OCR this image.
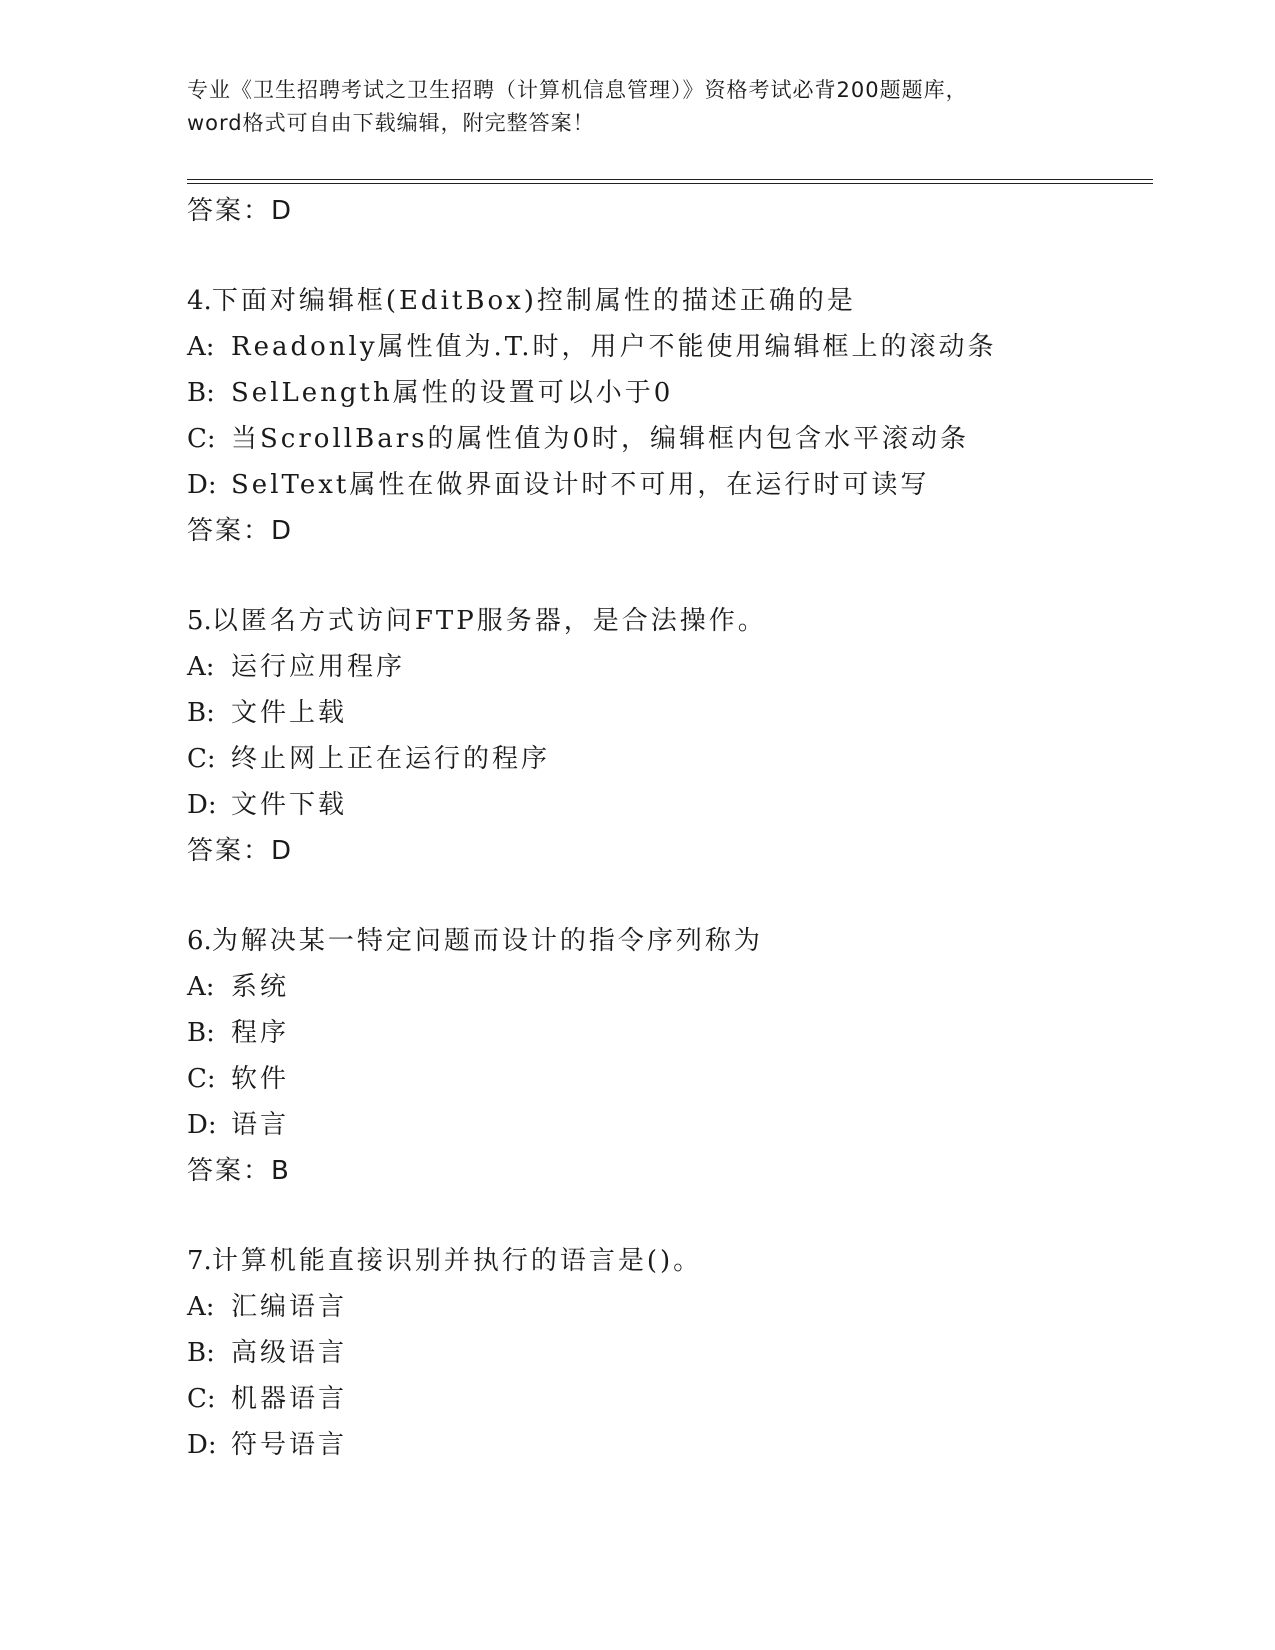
专业《卫生招聘考试之卫生招聘（计算机信息管理）》资格考试必背200题题库，
word格式可自由下载编辑，附完整答案！
答案：D
4.下面对编辑框(EditBox)控制属性的描述正确的是
A: Readonly属性值为.T.时，用户不能使用编辑框上的滚动条
B: SelLength属性的设置可以小于0
C: 当ScrollBars的属性值为0时，编辑框内包含水平滚动条
D: SelText属性在做界面设计时不可用，在运行时可读写
答案：D
5.以匿名方式访问FTP服务器，是合法操作。
A: 运行应用程序
B: 文件上载
C: 终止网上正在运行的程序
D: 文件下载
答案：D
6.为解决某一特定问题而设计的指令序列称为
A: 系统
B: 程序
C: 软件
D: 语言
答案：B
7.计算机能直接识别并执行的语言是()。
A: 汇编语言
B: 高级语言
C: 机器语言
D: 符号语言
